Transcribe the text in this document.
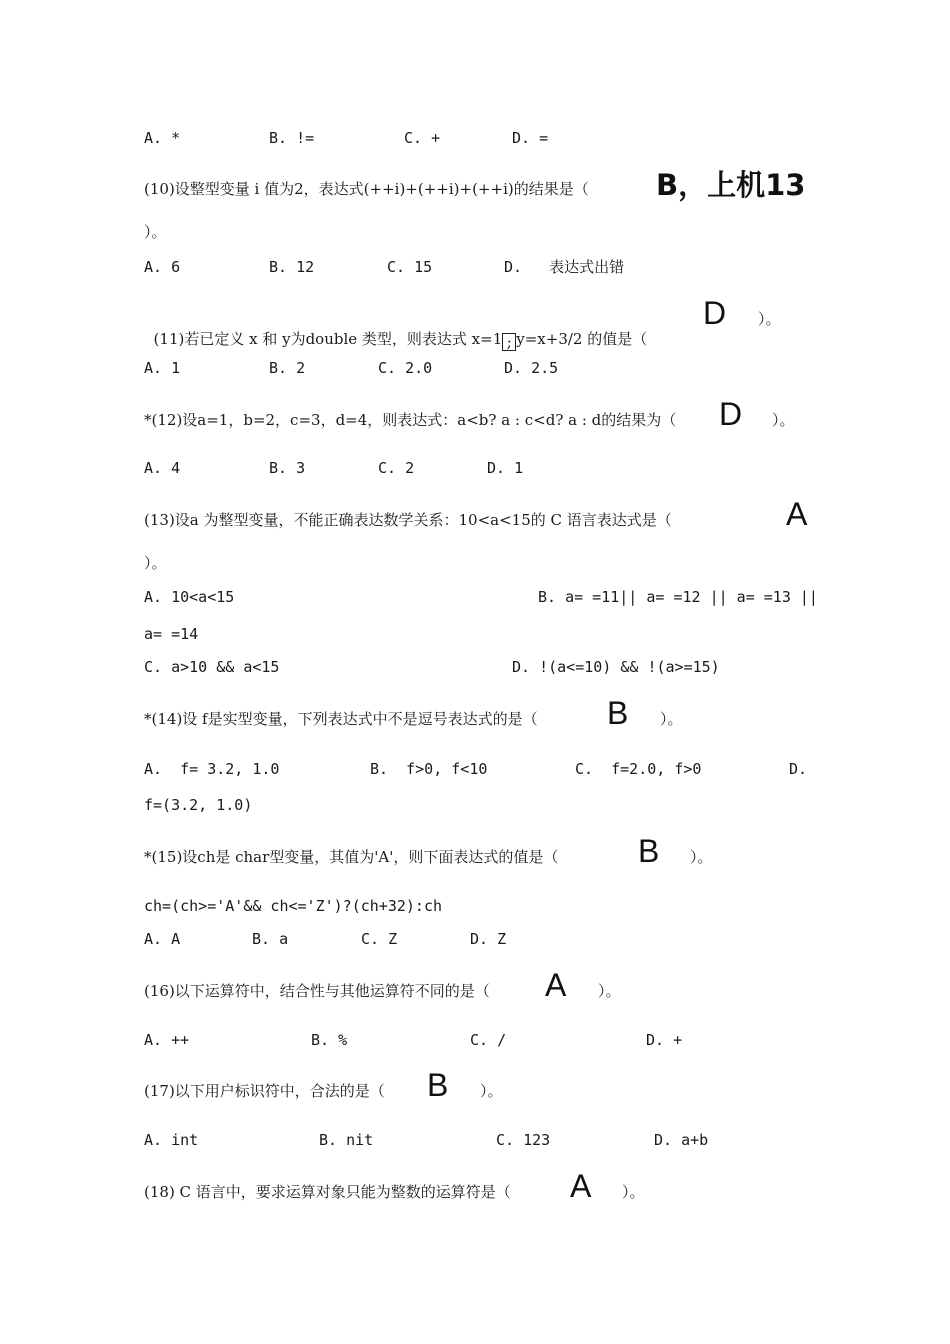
A. *	B. !=	C. +	D. =
(10)设整型变量 i 值为2，表达式(++i)+(++i)+(++i)的结果是（ B，上机13
）。
A. 6	B. 12	C. 15	D.   表达式出错

(11)若已定义 x 和 y为double 类型，则表达式 x=1 ; y=x+3/2 的值是（

D ）。
A. 1	B. 2	C. 2.0	D. 2.5
*(12)设a=1，b=2，c=3，d=4，则表达式：a<b? a : c<d? a : d的结果为（ D ）。
A. 4	B. 3	C. 2	D. 1
(13)设a 为整型变量，不能正确表达数学关系：10<a<15的 C 语言表达式是（	A
）。
A. 10<a<15	B. a= =11|| a= =12 || a= =13 ||
a= =14
C. a>10 && a<15	D. !(a<=10) && !(a>=15)
*(14)设 f是实型变量，下列表达式中不是逗号表达式的是（ B ）。
A.  f= 3.2, 1.0	B.  f>0, f<10	C.  f=2.0, f>0	D.
f=(3.2, 1.0)
*(15)设ch是 char型变量，其值为'A'，则下面表达式的值是（ B ）。
ch=(ch>='A'&& ch<='Z')?(ch+32):ch
A. A	B. a	C. Z	D. Z
(16)以下运算符中，结合性与其他运算符不同的是（ A ）。
A. ++	B. %	C. /	D. +
(17)以下用户标识符中，合法的是（ B ）。
A. int	B. nit	C. 123	D. a+b
(18) C 语言中，要求运算对象只能为整数的运算符是（ A ）。
